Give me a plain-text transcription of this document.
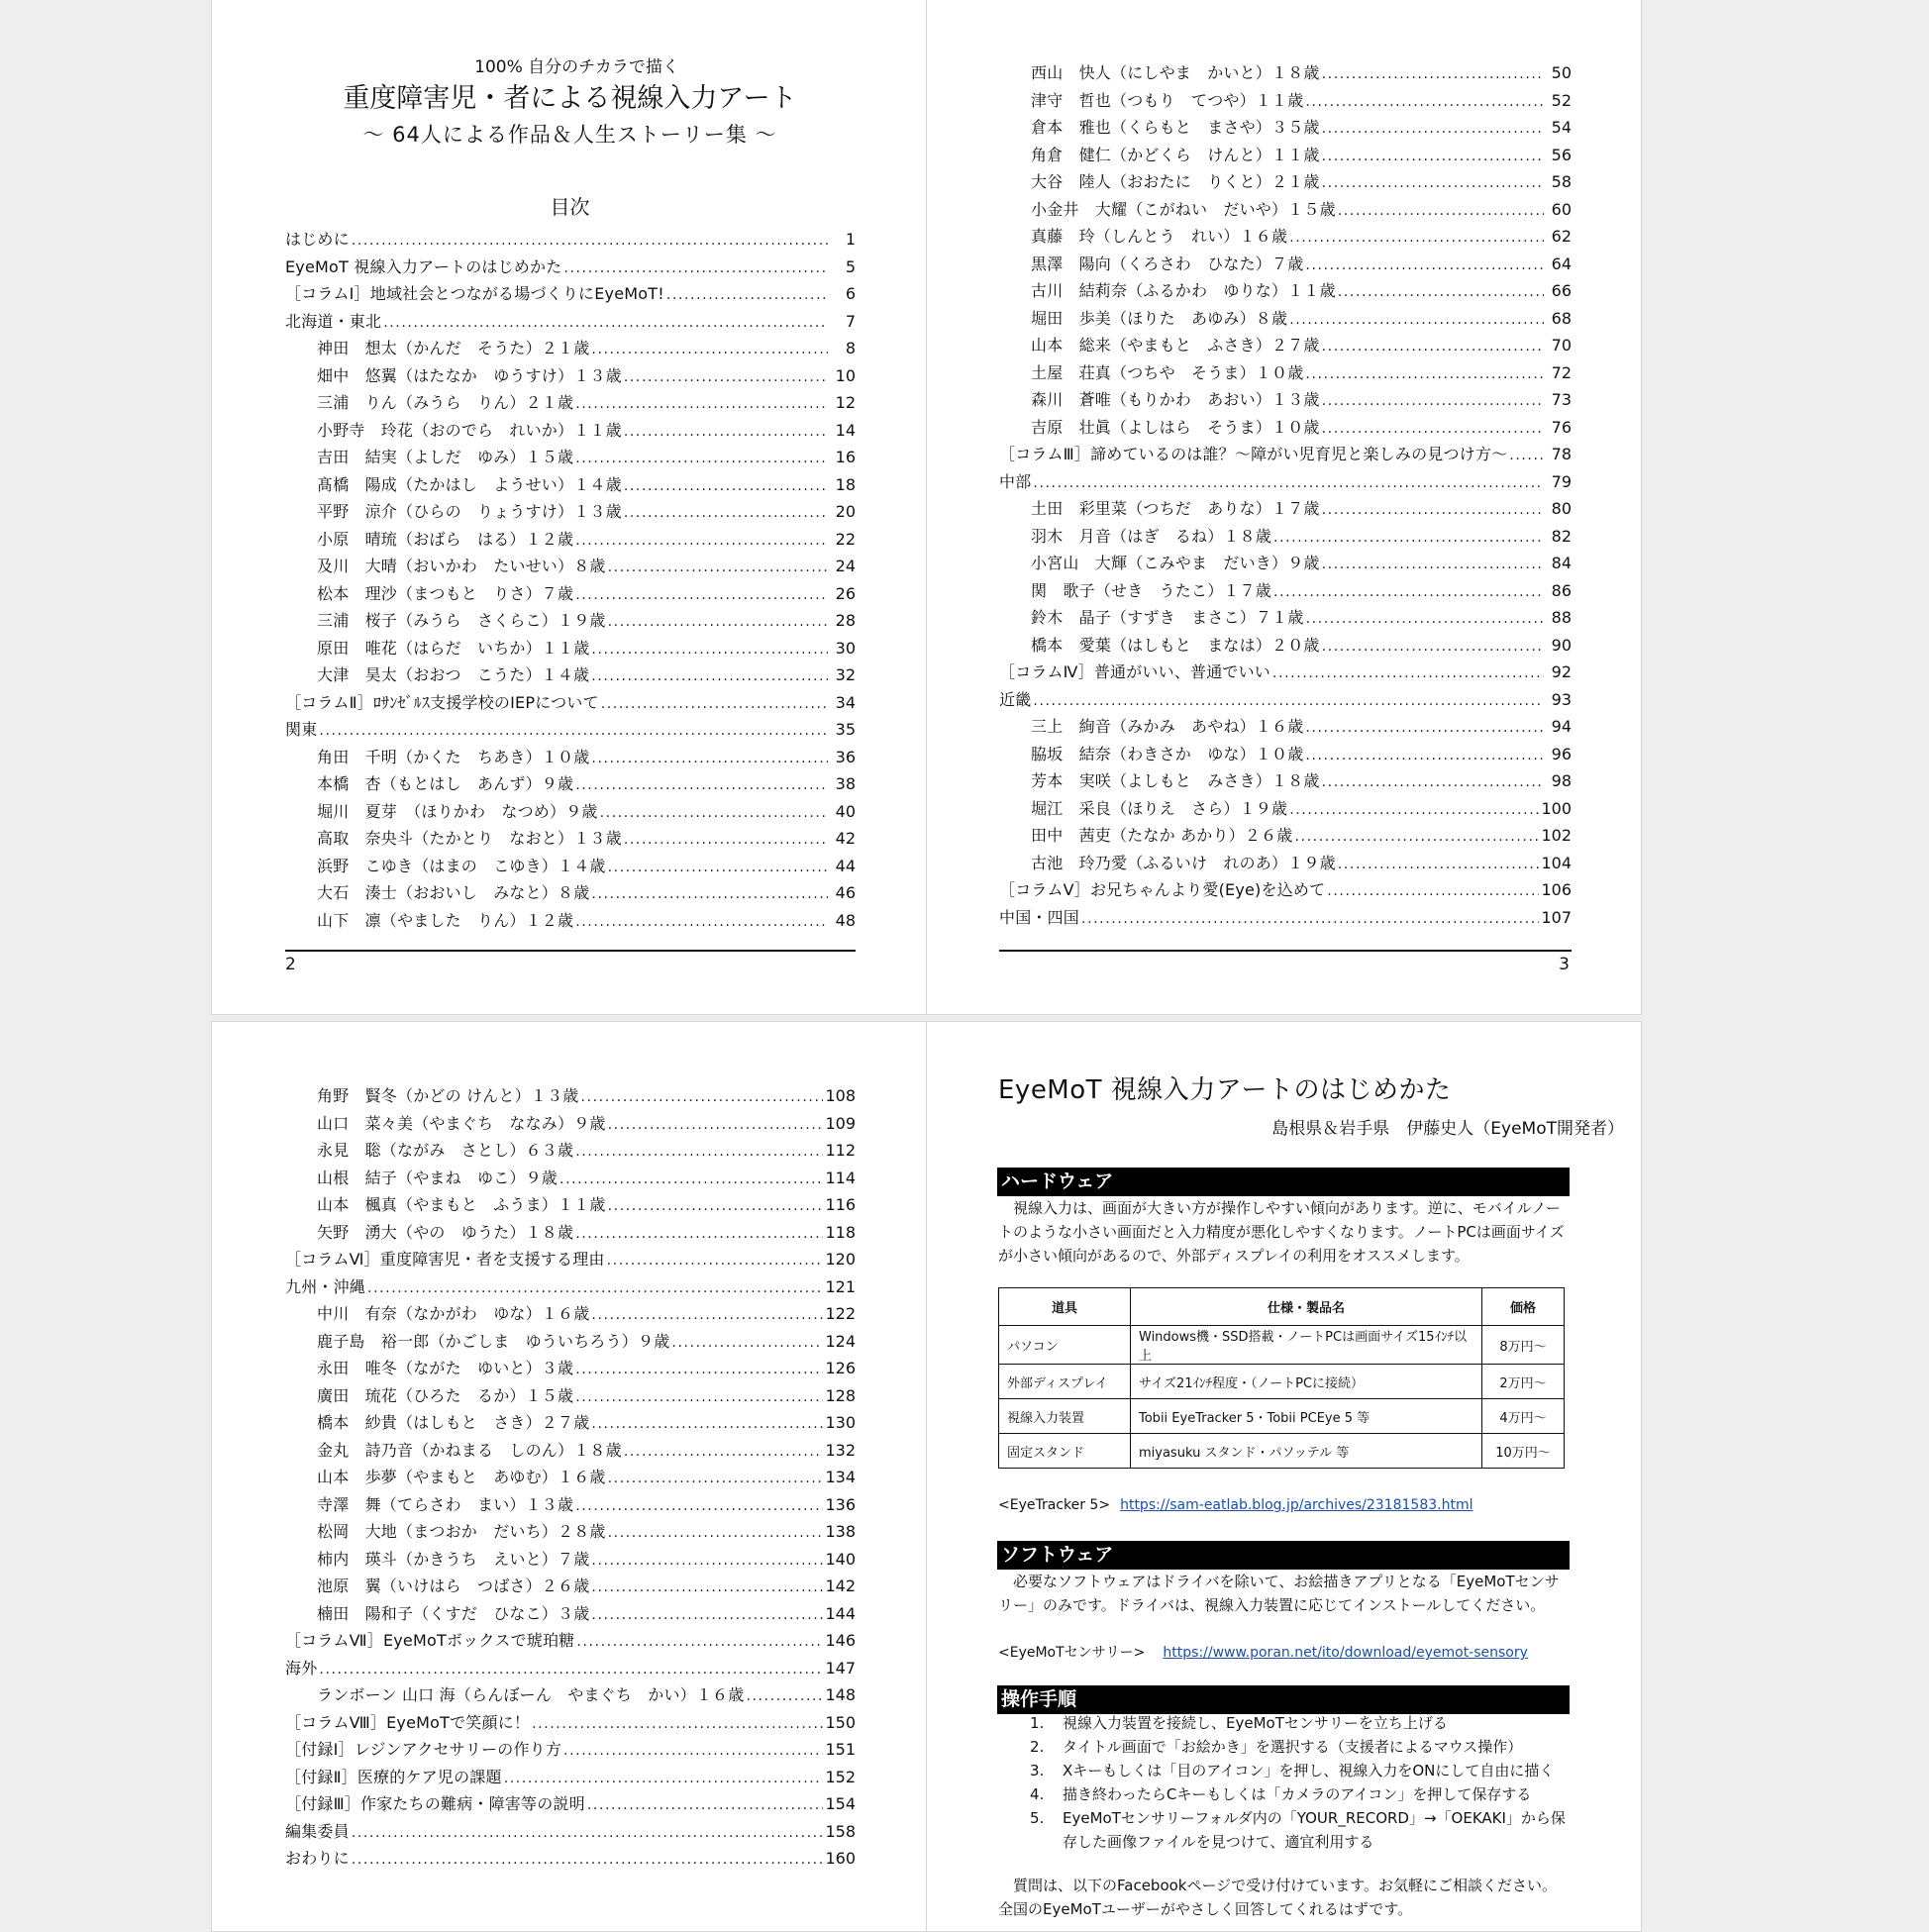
100% 自分のチカラで描く
重度障害児・者による視線入力アート
～ 64人による作品＆人生ストーリー集 ～
目次
はじめに .....	1
EyeMoT 視線入力アートのはじめかた .....	5
［コラムⅠ］地域社会とつながる場づくりにEyeMoT! .....	6
北海道・東北 .....	7
神田　想太（かんだ　そうた）２１歳 .....	8
畑中　悠翼（はたなか　ゆうすけ）１３歳 .....	10
三浦　りん（みうら　りん）２１歳 .....	12
小野寺　玲花（おのでら　れいか）１１歳 .....	14
吉田　結実（よしだ　ゆみ）１５歳 .....	16
髙橋　陽成（たかはし　ようせい）１４歳 .....	18
平野　涼介（ひらの　りょうすけ）１３歳 .....	20
小原　晴琉（おばら　はる）１２歳 .....	22
及川　大晴（おいかわ　たいせい）８歳 .....	24
松本　理沙（まつもと　りさ）７歳 .....	26
三浦　桜子（みうら　さくらこ）１９歳 .....	28
原田　唯花（はらだ　いちか）１１歳 .....	30
大津　昊太（おおつ　こうた）１４歳 .....	32
［コラムⅡ］ﾛｻﾝｾﾞﾙｽ支援学校のIEPについて .....	34
関東 .....	35
角田　千明（かくた　ちあき）１０歳 .....	36
本橋　杏（もとはし　あんず）９歳 .....	38
堀川　夏芽　（ほりかわ　なつめ）９歳 .....	40
高取　奈央斗（たかとり　なおと）１３歳 .....	42
浜野　こゆき（はまの　こゆき）１４歳 .....	44
大石　湊士（おおいし　みなと）８歳 .....	46
山下　凛（やました　りん）１２歳 .....	48
2
西山　快人（にしやま　かいと）１８歳 .....	50
津守　哲也（つもり　てつや）１１歳 .....	52
倉本　雅也（くらもと　まさや）３５歳 .....	54
角倉　健仁（かどくら　けんと）１１歳 .....	56
大谷　陸人（おおたに　りくと）２１歳 .....	58
小金井　大耀（こがねい　だいや）１５歳 .....	60
真藤　玲（しんとう　れい）１６歳 .....	62
黒澤　陽向（くろさわ　ひなた）７歳 .....	64
古川　結莉奈（ふるかわ　ゆりな）１１歳 .....	66
堀田　歩美（ほりた　あゆみ）８歳 .....	68
山本　総来（やまもと　ふさき）２７歳 .....	70
土屋　荘真（つちや　そうま）１０歳 .....	72
森川　蒼唯（もりかわ　あおい）１３歳 .....	73
吉原　壮眞（よしはら　そうま）１０歳 .....	76
［コラムⅢ］諦めているのは誰？～障がい児育児と楽しみの見つけ方～ .....	78
中部 .....	79
土田　彩里菜（つちだ　ありな）１７歳 .....	80
羽木　月音（はぎ　るね）１８歳 .....	82
小宮山　大輝（こみやま　だいき）９歳 .....	84
関　歌子（せき　うたこ）１７歳 .....	86
鈴木　晶子（すずき　まさこ）７１歳 .....	88
橋本　愛葉（はしもと　まなは）２０歳 .....	90
［コラムⅣ］普通がいい、普通でいい .....	92
近畿 .....	93
三上　絢音（みかみ　あやね）１６歳 .....	94
脇坂　結奈（わきさか　ゆな）１０歳 .....	96
芳本　実咲（よしもと　みさき）１８歳 .....	98
堀江　采良（ほりえ　さら）１９歳 .....	100
田中　茜吏（たなか あかり）２６歳 .....	102
古池　玲乃愛（ふるいけ　れのあ）１９歳 .....	104
［コラムⅤ］お兄ちゃんより愛(Eye)を込めて .....	106
中国・四国 .....	107
3
角野　賢冬（かどの けんと）１３歳 .....	108
山口　菜々美（やまぐち　ななみ）９歳 .....	109
永見　聡（ながみ　さとし）６３歳 .....	112
山根　結子（やまね　ゆこ）９歳 .....	114
山本　楓真（やまもと　ふうま）１１歳 .....	116
矢野　湧大（やの　ゆうた）１８歳 .....	118
［コラムⅥ］重度障害児・者を支援する理由 .....	120
九州・沖縄 .....	121
中川　有奈（なかがわ　ゆな）１６歳 .....	122
鹿子島　裕一郎（かごしま　ゆういちろう）９歳 .....	124
永田　唯冬（ながた　ゆいと）３歳 .....	126
廣田　琉花（ひろた　るか）１５歳 .....	128
橋本　紗貴（はしもと　さき）２７歳 .....	130
金丸　詩乃音（かねまる　しのん）１８歳 .....	132
山本　歩夢（やまもと　あゆむ）１６歳 .....	134
寺澤　舞（てらさわ　まい）１３歳 .....	136
松岡　大地（まつおか　だいち）２８歳 .....	138
柿内　瑛斗（かきうち　えいと）７歳 .....	140
池原　翼（いけはら　つばさ）２６歳 .....	142
楠田　陽和子（くすだ　ひなこ）３歳 .....	144
［コラムⅦ］EyeMoTボックスで琥珀糖 .....	146
海外 .....	147
ランボーン 山口 海（らんぼーん　やまぐち　かい）１６歳 .....	148
［コラムⅧ］EyeMoTで笑顔に！ .....	150
［付録Ⅰ］レジンアクセサリーの作り方 .....	151
［付録Ⅱ］医療的ケア児の課題 .....	152
［付録Ⅲ］作家たちの難病・障害等の説明 .....	154
編集委員 .....	158
おわりに .....	160
EyeMoT 視線入力アートのはじめかた
島根県＆岩手県　伊藤史人（EyeMoT開発者）
ハードウェア
　視線入力は、画面が大きい方が操作しやすい傾向があります。逆に、モバイルノートのような小さい画面だと入力精度が悪化しやすくなります。ノートPCは画面サイズが小さい傾向があるので、外部ディスプレイの利用をオススメします。
道具	仕様・製品名	価格
パソコン	Windows機・SSD搭載・ノートPCは画面サイズ15ｲﾝﾁ以上	8万円～
外部ディスプレイ	サイズ21ｲﾝﾁ程度・（ノートPCに接続）	2万円～
視線入力装置	Tobii EyeTracker 5・Tobii PCEye 5 等	4万円～
固定スタンド	miyasuku スタンド・パソッテル 等	10万円～
<EyeTracker 5> https://sam-eatlab.blog.jp/archives/23181583.html
ソフトウェア
　必要なソフトウェアはドライバを除いて、お絵描きアプリとなる「EyeMoTセンサリー」のみです。ドライバは、視線入力装置に応じてインストールしてください。
<EyeMoTセンサリー> https://www.poran.net/ito/download/eyemot-sensory
操作手順
1.	視線入力装置を接続し、EyeMoTセンサリーを立ち上げる
2.	タイトル画面で「お絵かき」を選択する（支援者によるマウス操作）
3.	Xキーもしくは「目のアイコン」を押し、視線入力をONにして自由に描く
4.	描き終わったらCキーもしくは「カメラのアイコン」を押して保存する
5.	EyeMoTセンサリーフォルダ内の「YOUR_RECORD」→「OEKAKI」から保存した画像ファイルを見つけて、適宜利用する
　質問は、以下のFacebookページで受け付けています。お気軽にご相談ください。全国のEyeMoTユーザーがやさしく回答してくれるはずです。
